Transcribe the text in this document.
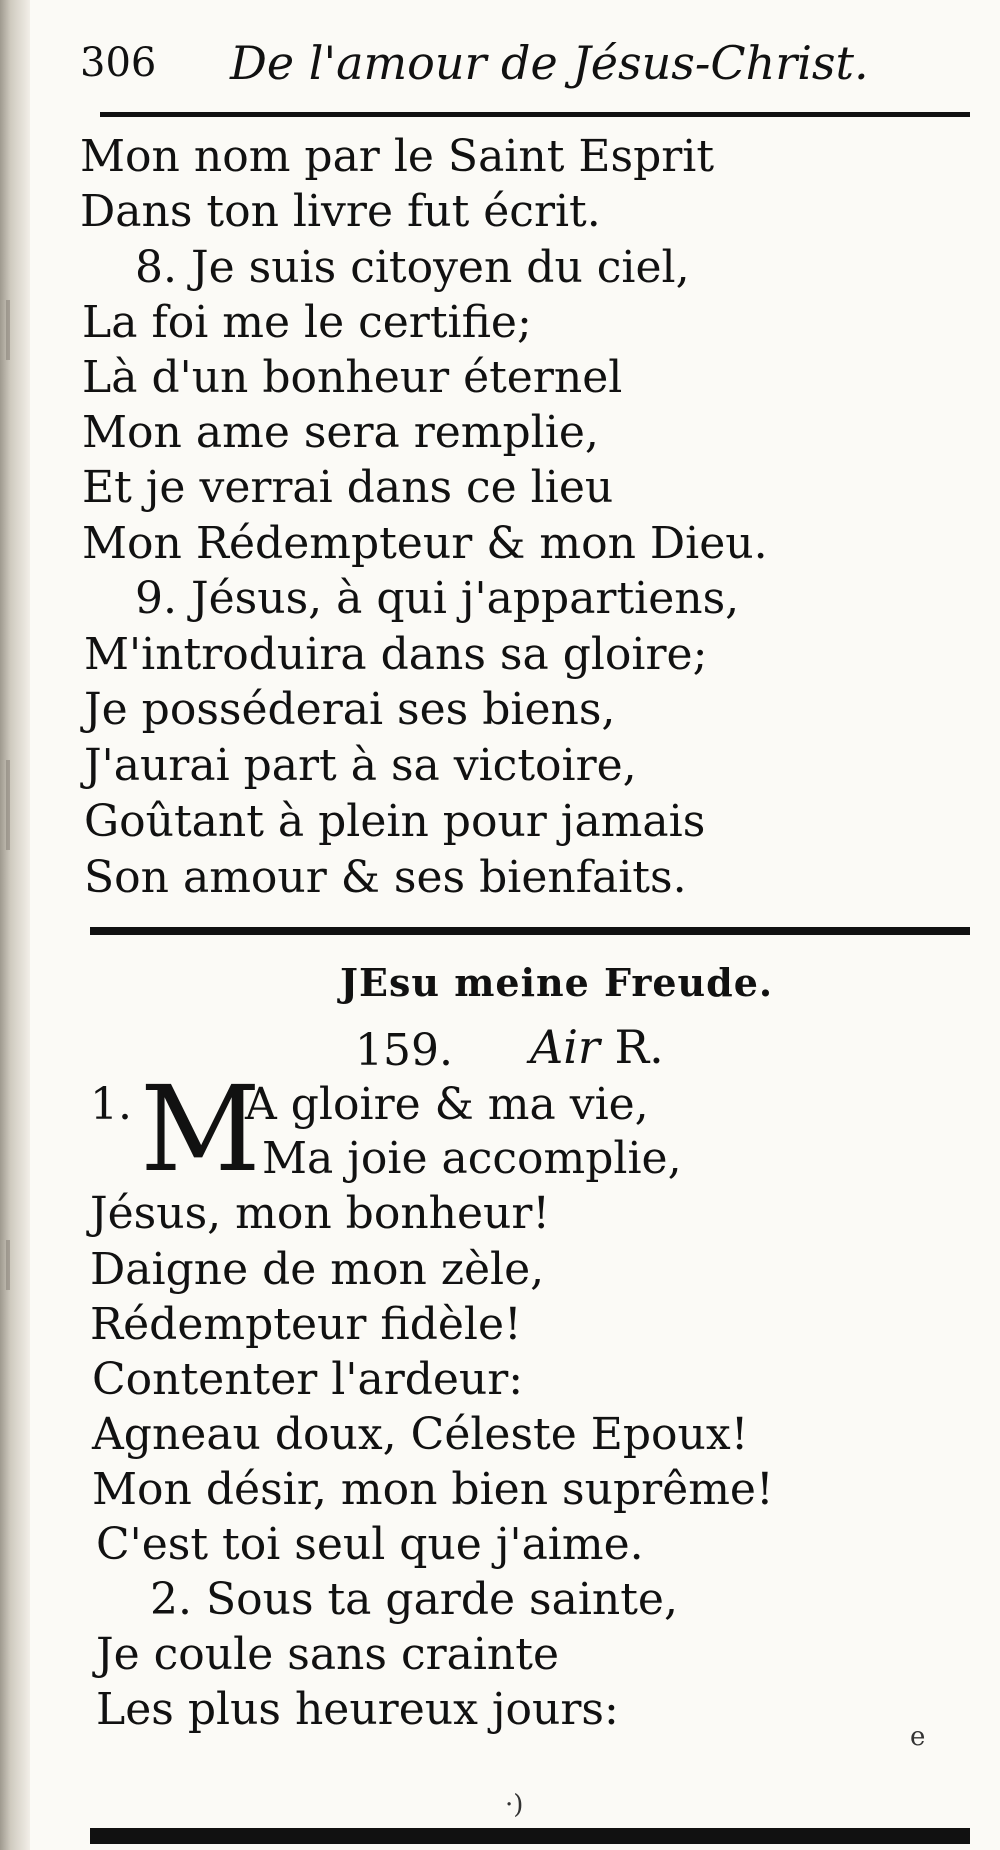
306 De l'amour de Jésus-Christ.
Mon nom par le Saint Esprit
Dans ton livre fut écrit.
8. Je suis citoyen du ciel,
La foi me le certifie;
Là d'un bonheur éternel
Mon ame sera remplie,
Et je verrai dans ce lieu
Mon Rédempteur & mon Dieu.
9. Jésus, à qui j'appartiens,
M'introduira dans sa gloire;
Je posséderai ses biens,
J'aurai part à sa victoire,
Goûtant à plein pour jamais
Son amour & ses bienfaits.
JEsu meine Freude.
159. Air R.
1. M
A gloire & ma vie,
Ma joie accomplie,
Jésus, mon bonheur!
Daigne de mon zèle,
Rédempteur fidèle!
Contenter l'ardeur:
Agneau doux, Céleste Epoux!
Mon désir, mon bien suprême!
C'est toi seul que j'aime.
2. Sous ta garde sainte,
Je coule sans crainte
Les plus heureux jours:
e
·)
